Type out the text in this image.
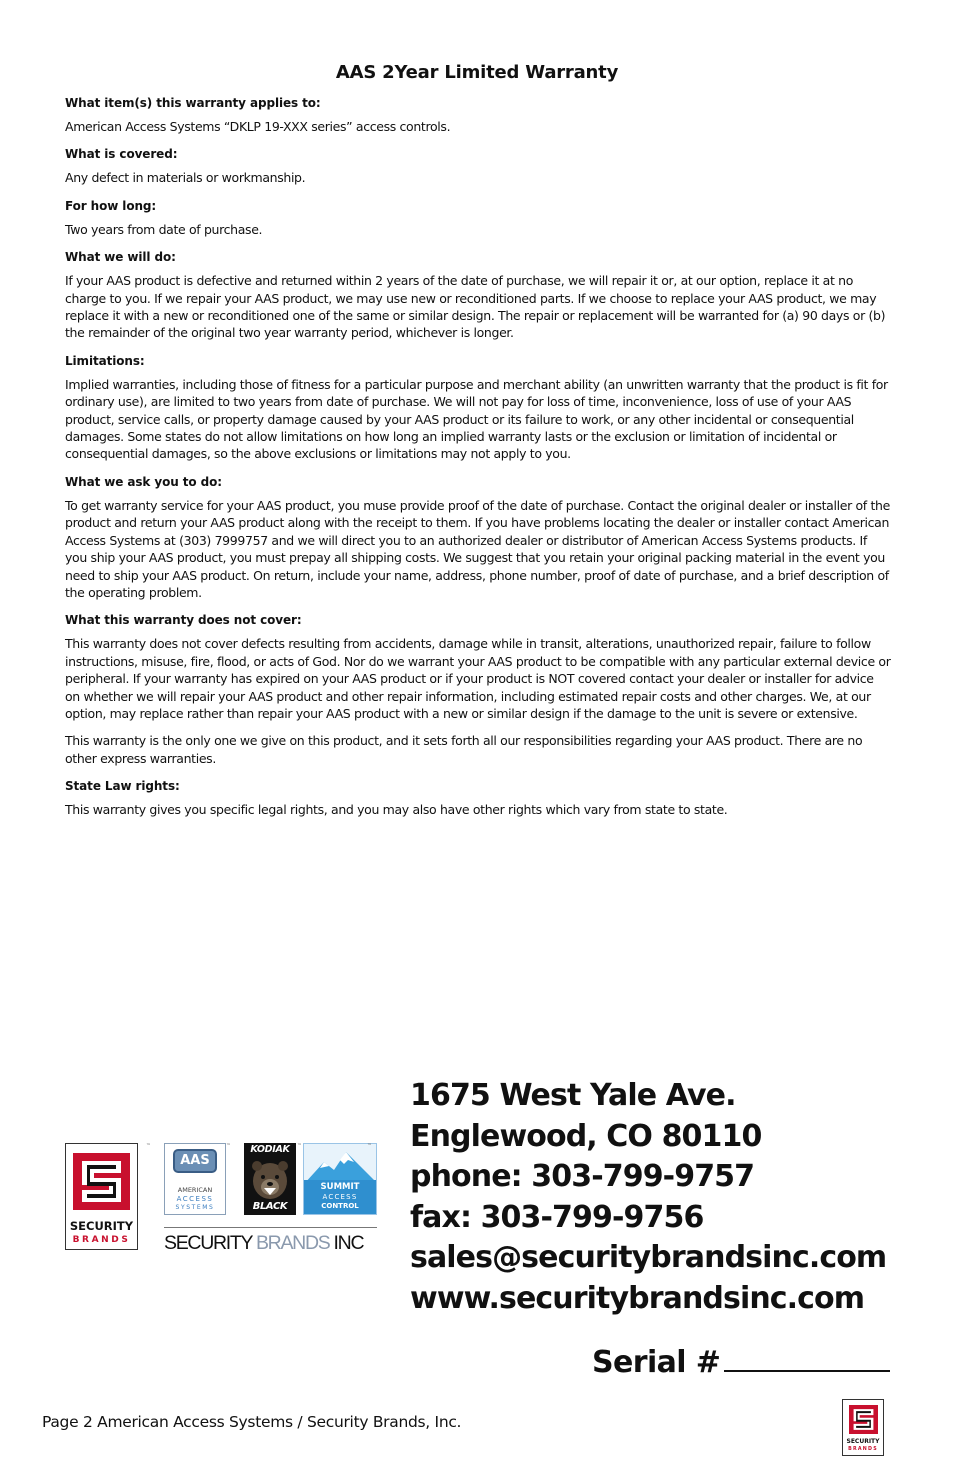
AAS 2Year Limited Warranty

What item(s) this warranty applies to:

American Access Systems “DKLP 19-XXX series” access controls.

What is covered:

Any defect in materials or workmanship.

For how long:

Two years from date of purchase.

What we will do:

If your AAS product is defective and returned within 2 years of the date of purchase, we will repair it or, at our option, replace it at no charge to you. If we repair your AAS product, we may use new or reconditioned parts. If we choose to replace your AAS product, we may replace it with a new or reconditioned one of the same or similar design. The repair or replacement will be warranted for (a) 90 days or (b) the remainder of the original two year warranty period, whichever is longer.

Limitations:

Implied warranties, including those of fitness for a particular purpose and merchant ability (an unwritten warranty that the product is fit for ordinary use), are limited to two years from date of purchase. We will not pay for loss of time, inconvenience, loss of use of your AAS product, service calls, or property damage caused by your AAS product or its failure to work, or any other incidental or consequential damages. Some states do not allow limitations on how long an implied warranty lasts or the exclusion or limitation of incidental or consequential damages, so the above exclusions or limitations may not apply to you.

What we ask you to do:

To get warranty service for your AAS product, you muse provide proof of the date of purchase. Contact the original dealer or installer of the product and return your AAS product along with the receipt to them. If you have problems locating the dealer or installer contact American Access Systems at (303) 7999757 and we will direct you to an authorized dealer or distributor of American Access Systems products. If you ship your AAS product, you must prepay all shipping costs. We suggest that you retain your original packing material in the event you need to ship your AAS product. On return, include your name, address, phone number, proof of date of purchase, and a brief description of the operating problem.

What this warranty does not cover:

This warranty does not cover defects resulting from accidents, damage while in transit, alterations, unauthorized repair, failure to follow instructions, misuse, fire, flood, or acts of God. Nor do we warrant your AAS product to be compatible with any particular external device or peripheral. If your warranty has expired on your AAS product or if your product is NOT covered contact your dealer or installer for advice on whether we will repair your AAS product and other repair information, including estimated repair costs and other charges. We, at our option, may replace rather than repair your AAS product with a new or similar design if the damage to the unit is severe or extensive.

This warranty is the only one we give on this product, and it sets forth all our responsibilities regarding your AAS product. There are no other express warranties.

State Law rights:

This warranty gives you specific legal rights, and you may also have other rights which vary from state to state.

SECURITY
BRANDS
™
AAS
AMERICAN
ACCESS
SYSTEMS
™	KODIAK
BLACK
™
SUMMIT
ACCESS
CONTROL
™
SECURITY BRANDS INC
1675 West Yale Ave.
Englewood, CO 80110
phone: 303-799-9757
fax: 303-799-9756
sales@securitybrandsinc.com
www.securitybrandsinc.com
Serial #
Page 2 American Access Systems / Security Brands, Inc.
SECURITY
BRANDS
